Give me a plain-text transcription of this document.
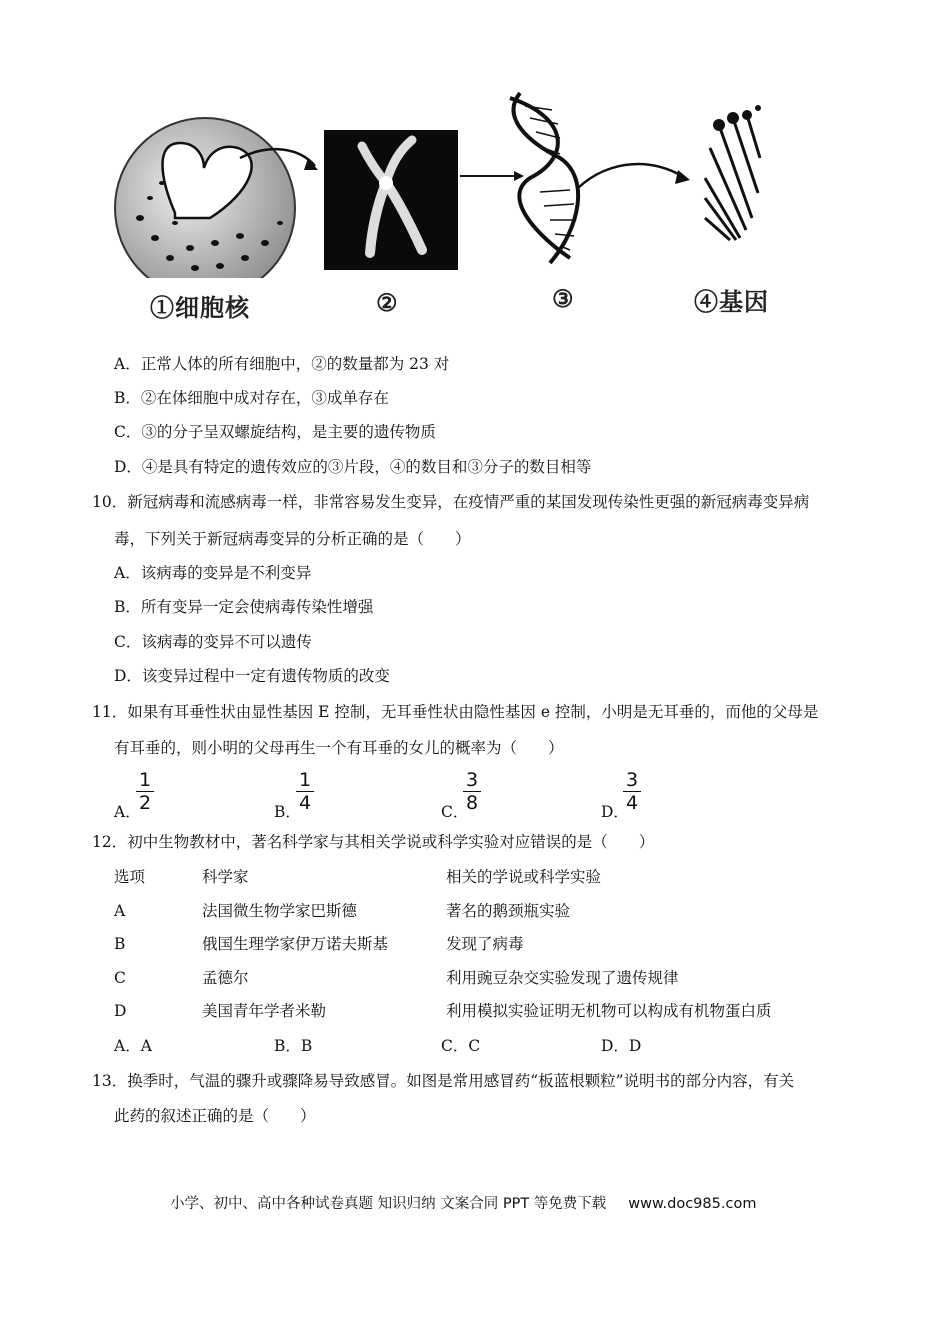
①细胞核	②	③	④基因
A．正常人体的所有细胞中，②的数量都为 23 对
B．②在体细胞中成对存在，③成单存在
C．③的分子呈双螺旋结构，是主要的遗传物质
D．④是具有特定的遗传效应的③片段，④的数目和③分子的数目相等
10．新冠病毒和流感病毒一样，非常容易发生变异，在疫情严重的某国发现传染性更强的新冠病毒变异病
毒，下列关于新冠病毒变异的分析正确的是（　　）
A．该病毒的变异是不利变异
B．所有变异一定会使病毒传染性增强
C．该病毒的变异不可以遗传
D．该变异过程中一定有遗传物质的改变
11．如果有耳垂性状由显性基因 E 控制，无耳垂性状由隐性基因 e 控制，小明是无耳垂的，而他的父母是
有耳垂的，则小明的父母再生一个有耳垂的女儿的概率为（　　）
A．
1
2	B．
1
4	C．
3
8	D．
3
4
12．初中生物教材中，著名科学家与其相关学说或科学实验对应错误的是（　　）
选项	科学家	相关的学说或科学实验
A	法国微生物学家巴斯德	著名的鹅颈瓶实验
B	俄国生理学家伊万诺夫斯基	发现了病毒
C	孟德尔	利用豌豆杂交实验发现了遗传规律
D	美国青年学者米勒	利用模拟实验证明无机物可以构成有机物蛋白质
A．A	B．B	C．C	D．D
13．换季时，气温的骤升或骤降易导致感冒。如图是常用感冒药“板蓝根颗粒”说明书的部分内容，有关
此药的叙述正确的是（　　）
小学、初中、高中各种试卷真题 知识归纳 文案合同 PPT 等免费下载 www.doc985.com
